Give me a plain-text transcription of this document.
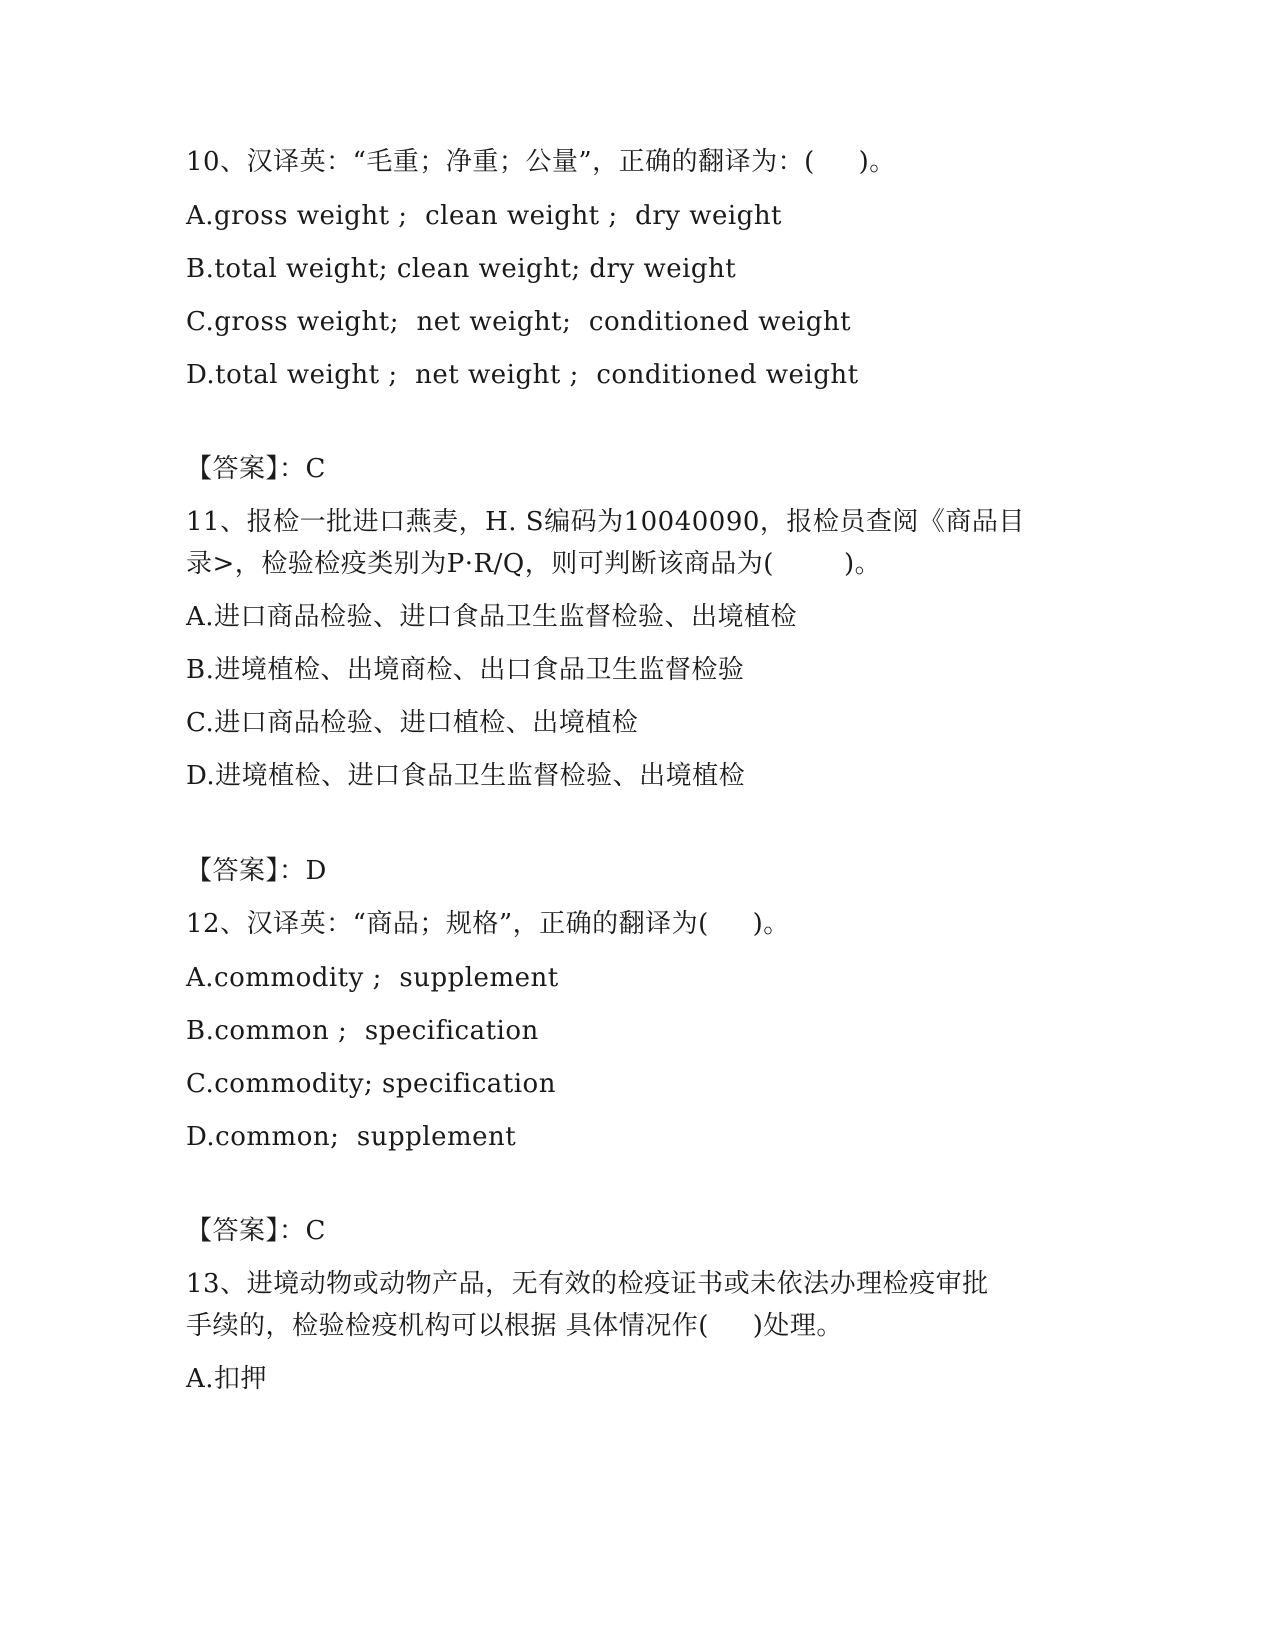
10、汉译英：“毛重；净重；公量”，正确的翻译为：(     )。
A.gross weight ;  clean weight ;  dry weight
B.total weight; clean weight; dry weight
C.gross weight;  net weight;  conditioned weight
D.total weight ;  net weight ;  conditioned weight
【答案】：C
11、报检一批进口燕麦，H. S编码为10040090，报检员查阅《商品目
录>，检验检疫类别为P·R/Q，则可判断该商品为(        )。
A.进口商品检验、进口食品卫生监督检验、出境植检
B.进境植检、出境商检、出口食品卫生监督检验
C.进口商品检验、进口植检、出境植检
D.进境植检、进口食品卫生监督检验、出境植检
【答案】：D
12、汉译英：“商品；规格”，正确的翻译为(     )。
A.commodity ;  supplement
B.common ;  specification
C.commodity; specification
D.common;  supplement
【答案】：C
13、进境动物或动物产品，无有效的检疫证书或未依法办理检疫审批
手续的，检验检疫机构可以根据 具体情况作(     )处理。
A.扣押
